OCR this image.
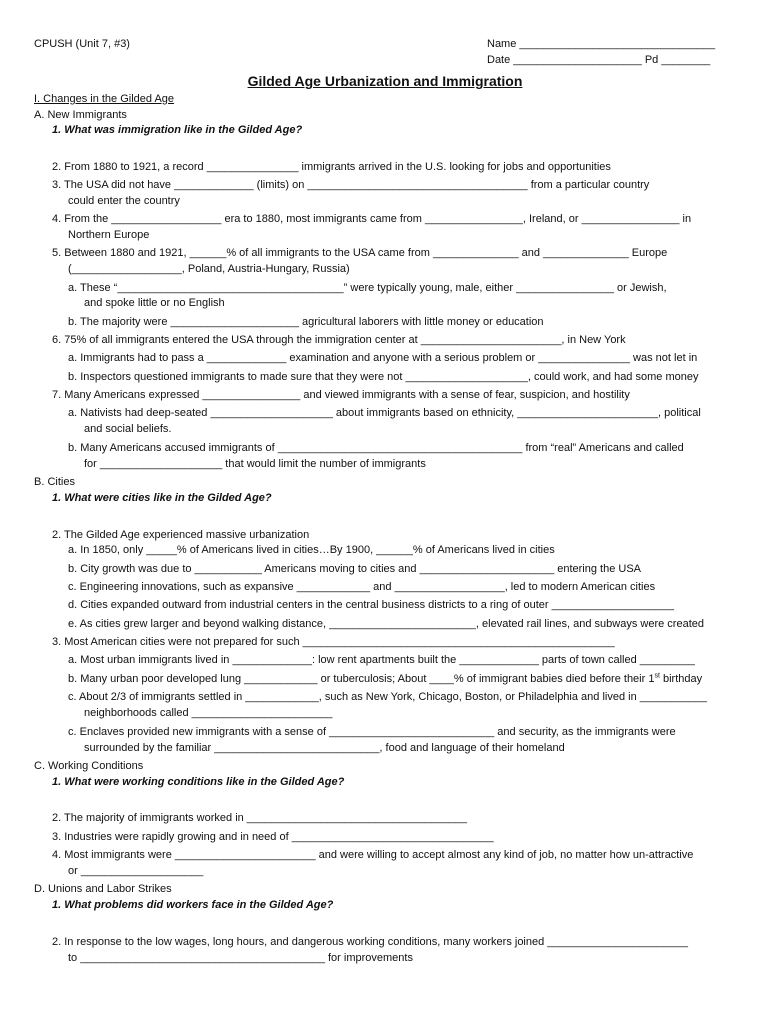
CPUSH (Unit 7, #3)	Name ________________________________
Date _____________________ Pd ________
Gilded Age Urbanization and Immigration
I. Changes in the Gilded Age
A. New Immigrants
1. What was immigration like in the Gilded Age?
2. From 1880 to 1921, a record _______________ immigrants arrived in the U.S. looking for jobs and opportunities
3. The USA did not have _____________ (limits) on ____________________________________ from a particular country
could enter the country
4. From the __________________ era to 1880, most immigrants came from ________________, Ireland, or ________________ in
Northern Europe
5. Between 1880 and 1921, ______% of all immigrants to the USA came from ______________ and ______________ Europe
(__________________, Poland, Austria-Hungary, Russia)
a. These “_____________________________________” were typically young, male, either ________________ or Jewish,
and spoke little or no English
b. The majority were _____________________ agricultural laborers with little money or education
6. 75% of all immigrants entered the USA through the immigration center at _______________________, in New York
a. Immigrants had to pass a _____________ examination and anyone with a serious problem or _______________ was not let in
b. Inspectors questioned immigrants to made sure that they were not ____________________, could work, and had some money
7. Many Americans expressed ________________ and viewed immigrants with a sense of fear, suspicion, and hostility
a. Nativists had deep-seated ____________________ about immigrants based on ethnicity, _______________________, political
and social beliefs.
b. Many Americans accused immigrants of ________________________________________ from “real” Americans and called
for ____________________ that would limit the number of immigrants
B. Cities
1. What were cities like in the Gilded Age?
2. The Gilded Age experienced massive urbanization
a. In 1850, only _____% of Americans lived in cities…By 1900, ______% of Americans lived in cities
b. City growth was due to ___________ Americans moving to cities and ______________________ entering the USA
c. Engineering innovations, such as expansive ____________ and __________________, led to modern American cities
d. Cities expanded outward from industrial centers in the central business districts to a ring of outer ____________________
e. As cities grew larger and beyond walking distance, ________________________, elevated rail lines, and subways were created
3. Most American cities were not prepared for such ___________________________________________________
a. Most urban immigrants lived in _____________: low rent apartments built the _____________ parts of town called _________
b. Many urban poor developed lung ____________ or tuberculosis; About ____% of immigrant babies died before their 1st birthday
c. About 2/3 of immigrants settled in ____________, such as New York, Chicago, Boston, or Philadelphia and lived in ___________
neighborhoods called _______________________
c. Enclaves provided new immigrants with a sense of ___________________________ and security, as the immigrants were
surrounded by the familiar ___________________________, food and language of their homeland
C. Working Conditions
1. What were working conditions like in the Gilded Age?
2. The majority of immigrants worked in ____________________________________
3. Industries were rapidly growing and in need of _________________________________
4. Most immigrants were _______________________ and were willing to accept almost any kind of job, no matter how un-attractive
or ____________________
D. Unions and Labor Strikes
1. What problems did workers face in the Gilded Age?
2. In response to the low wages, long hours, and dangerous working conditions, many workers joined _______________________
to ________________________________________ for improvements
